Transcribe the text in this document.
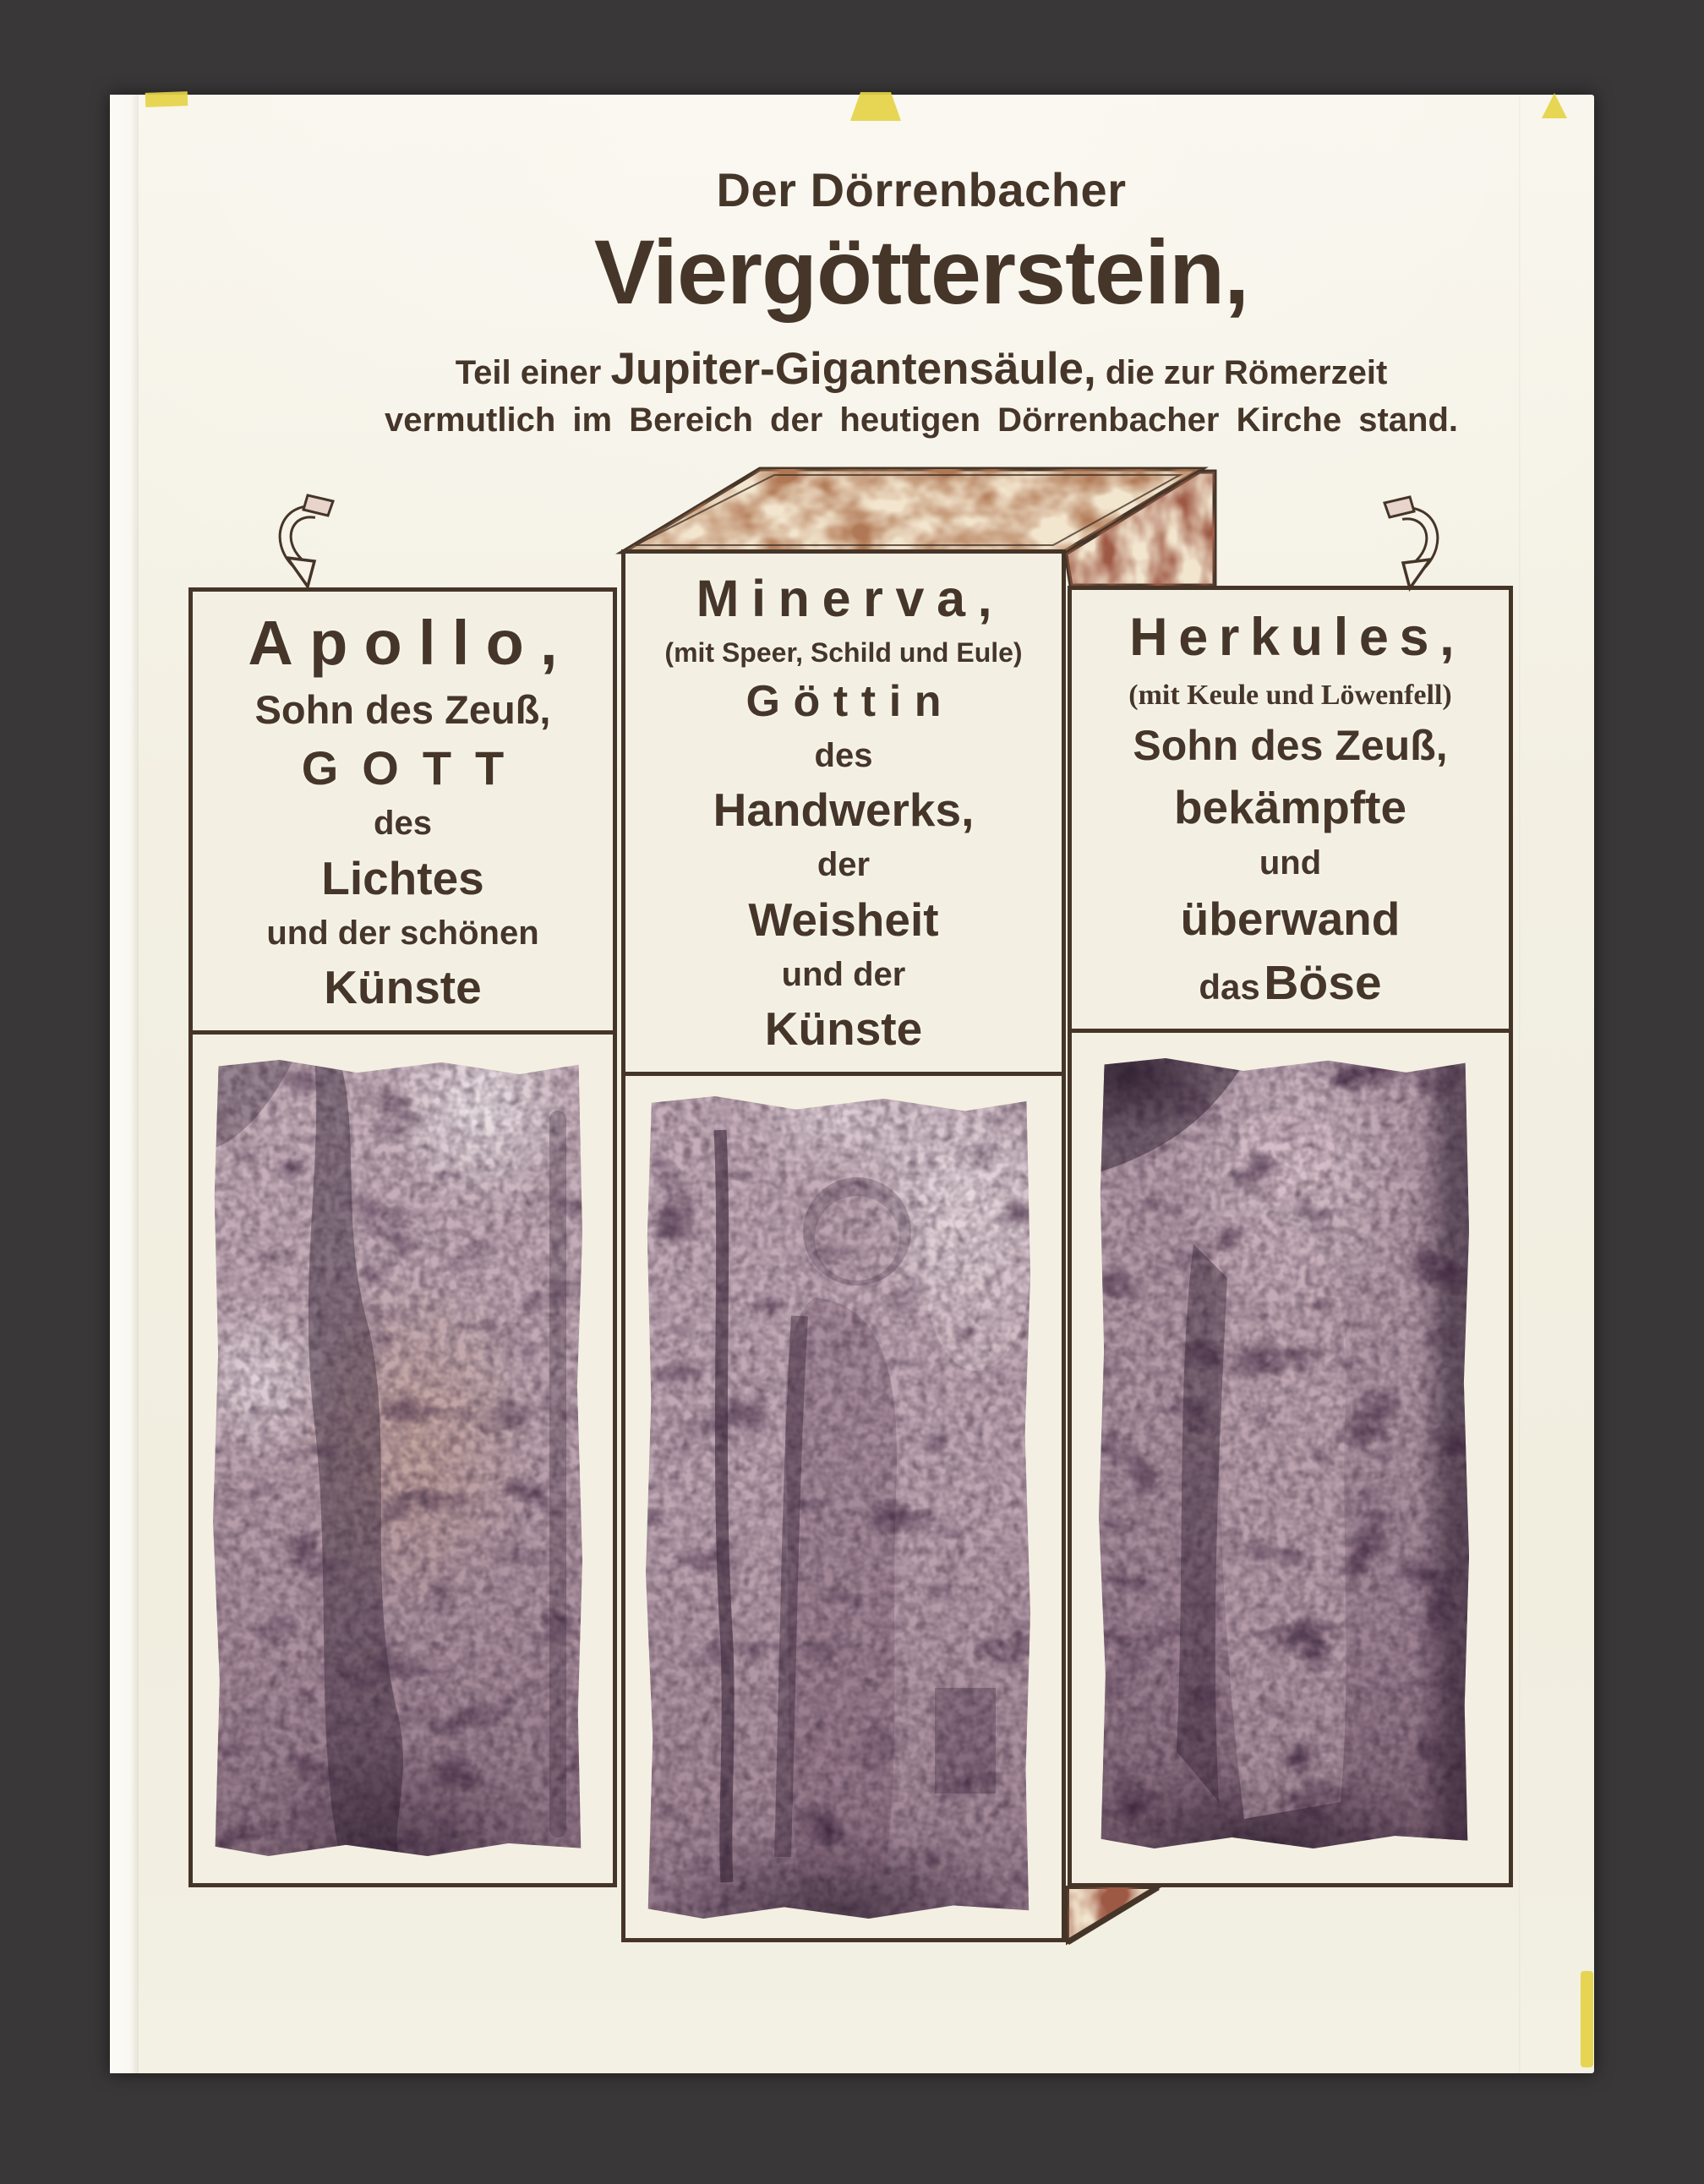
Der Dörrenbacher
Viergötterstein,
Teil einer Jupiter-Gigantensäule, die zur Römerzeit
vermutlich im Bereich der heutigen Dörrenbacher Kirche stand.
Apollo,
Sohn des Zeuß,
GOTT
des
Lichtes
und der schönen
Künste
Minerva,
(mit Speer, Schild und Eule)
Göttin
des
Handwerks,
der
Weisheit
und der
Künste
Herkules,
(mit Keule und Löwenfell)
Sohn des Zeuß,
bekämpfte
und
überwand
das Böse
